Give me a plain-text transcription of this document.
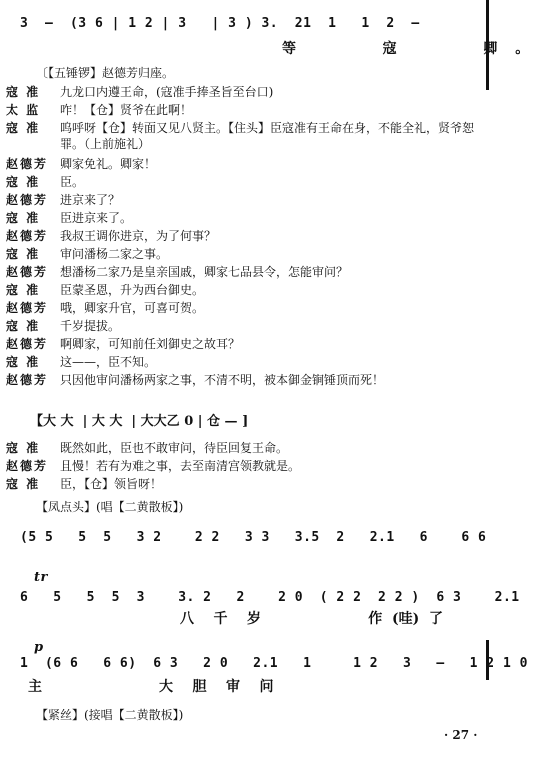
3  –  (3 6 | 1 2 | 3   | 3 ) 3.  21  1   1  2  –
等   寇   卿。
〔【五锤锣】赵德芳归座。
寇 准	九龙口内遵王命，(寇准手捧圣旨至台口)
太 监	咋！【仓】贤爷在此啊！
寇 准	呜呼呀【仓】转面又见八贤主。【住头】臣寇准有王命在身，不能全礼，贤爷恕罪。（上前施礼）
赵德芳 卿家免礼。卿家！
寇 准	臣。
赵德芳 进京来了？
寇 准	臣进京来了。
赵德芳 我叔王调你进京，为了何事？
寇 准	审问潘杨二家之事。
赵德芳 想潘杨二家乃是皇亲国戚，卿家七品县令，怎能审问？
寇 准	臣蒙圣恩，升为西台御史。
赵德芳 哦，卿家升官，可喜可贺。
寇 准	千岁提拔。
赵德芳 啊卿家，可知前任刘御史之故耳？
寇 准	这——，臣不知。
赵德芳 只因他审问潘杨两家之事，不清不明，被本御金锏锤顶而死！
【大 大  | 大 大  | 大大乙 0 | 仓 — ]
寇 准	既然如此，臣也不敢审问，待臣回复王命。
赵德芳 且慢！若有为难之事，去至南清宫领教就是。
寇 准	臣，【仓】领旨呀！
【凤点头】(唱【二黄散板】)
(5 5   5  5   3 2    2 2   3 3   3.5  2   2.1   6    6 6
tr
6   5   5  5  3    3. 2   2    2 0  ( 2 2  2 2 )  6 3    2.1
八    千    岁                      作  (哇)  了
p
1  (6 6   6 6)  6 3   2 0   2.1   1     1 2   3   –   1 2 1 0
主                        大    胆    审    问
【紧丝】(接唱【二黄散板】)
· 27 ·
